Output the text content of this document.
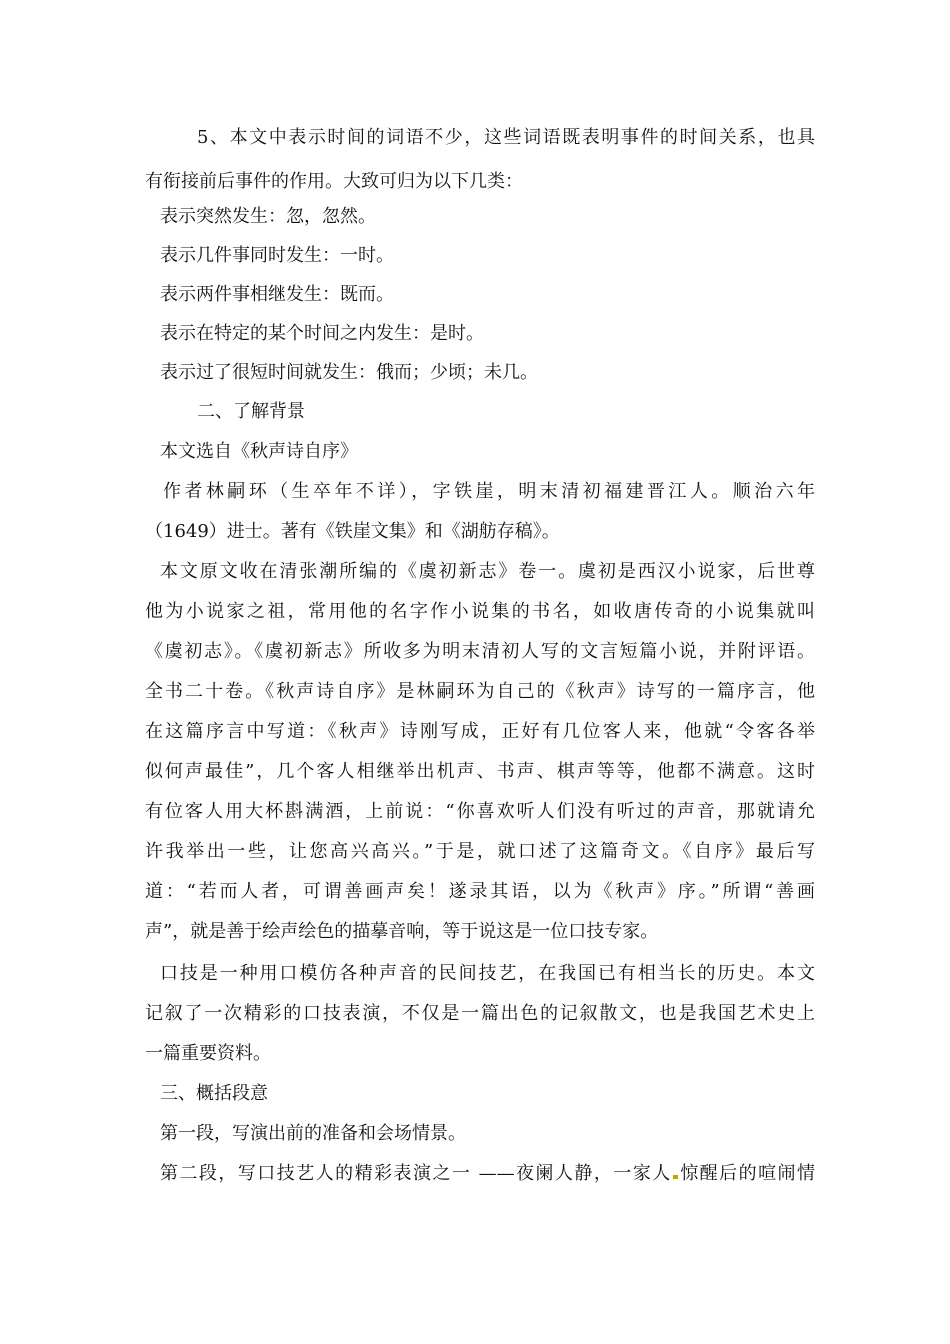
5、本文中表示时间的词语不少，这些词语既表明事件的时间关系，也具
有衔接前后事件的作用。大致可归为以下几类：
表示突然发生：忽，忽然。
表示几件事同时发生：一时。
表示两件事相继发生：既而。
表示在特定的某个时间之内发生：是时。
表示过了很短时间就发生：俄而；少顷；未几。
二、了解背景
本文选自《秋声诗自序》
作者林嗣环（生卒年不详），字铁崖，明末清初福建晋江人。顺治六年
（1649）进士。著有《铁崖文集》和《湖舫存稿》。
本文原文收在清张潮所编的《虞初新志》卷一。虞初是西汉小说家，后世尊
他为小说家之祖，常用他的名字作小说集的书名，如收唐传奇的小说集就叫
《虞初志》。《虞初新志》所收多为明末清初人写的文言短篇小说，并附评语。
全书二十卷。《秋声诗自序》是林嗣环为自己的《秋声》诗写的一篇序言，他
在这篇序言中写道：《秋声》诗刚写成，正好有几位客人来，他就“令客各举
似何声最佳”，几个客人相继举出机声、书声、棋声等等，他都不满意。这时
有位客人用大杯斟满酒，上前说：“你喜欢听人们没有听过的声音，那就请允
许我举出一些，让您高兴高兴。”于是，就口述了这篇奇文。《自序》最后写
道：“若而人者，可谓善画声矣！遂录其语，以为《秋声》序。”所谓“善画
声”，就是善于绘声绘色的描摹音响，等于说这是一位口技专家。
口技是一种用口模仿各种声音的民间技艺，在我国已有相当长的历史。本文
记叙了一次精彩的口技表演，不仅是一篇出色的记叙散文，也是我国艺术史上
一篇重要资料。
三、概括段意
第一段，写演出前的准备和会场情景。
第二段，写口技艺人的精彩表演之一 ——夜阑人静，一家人 惊醒后的喧闹情
